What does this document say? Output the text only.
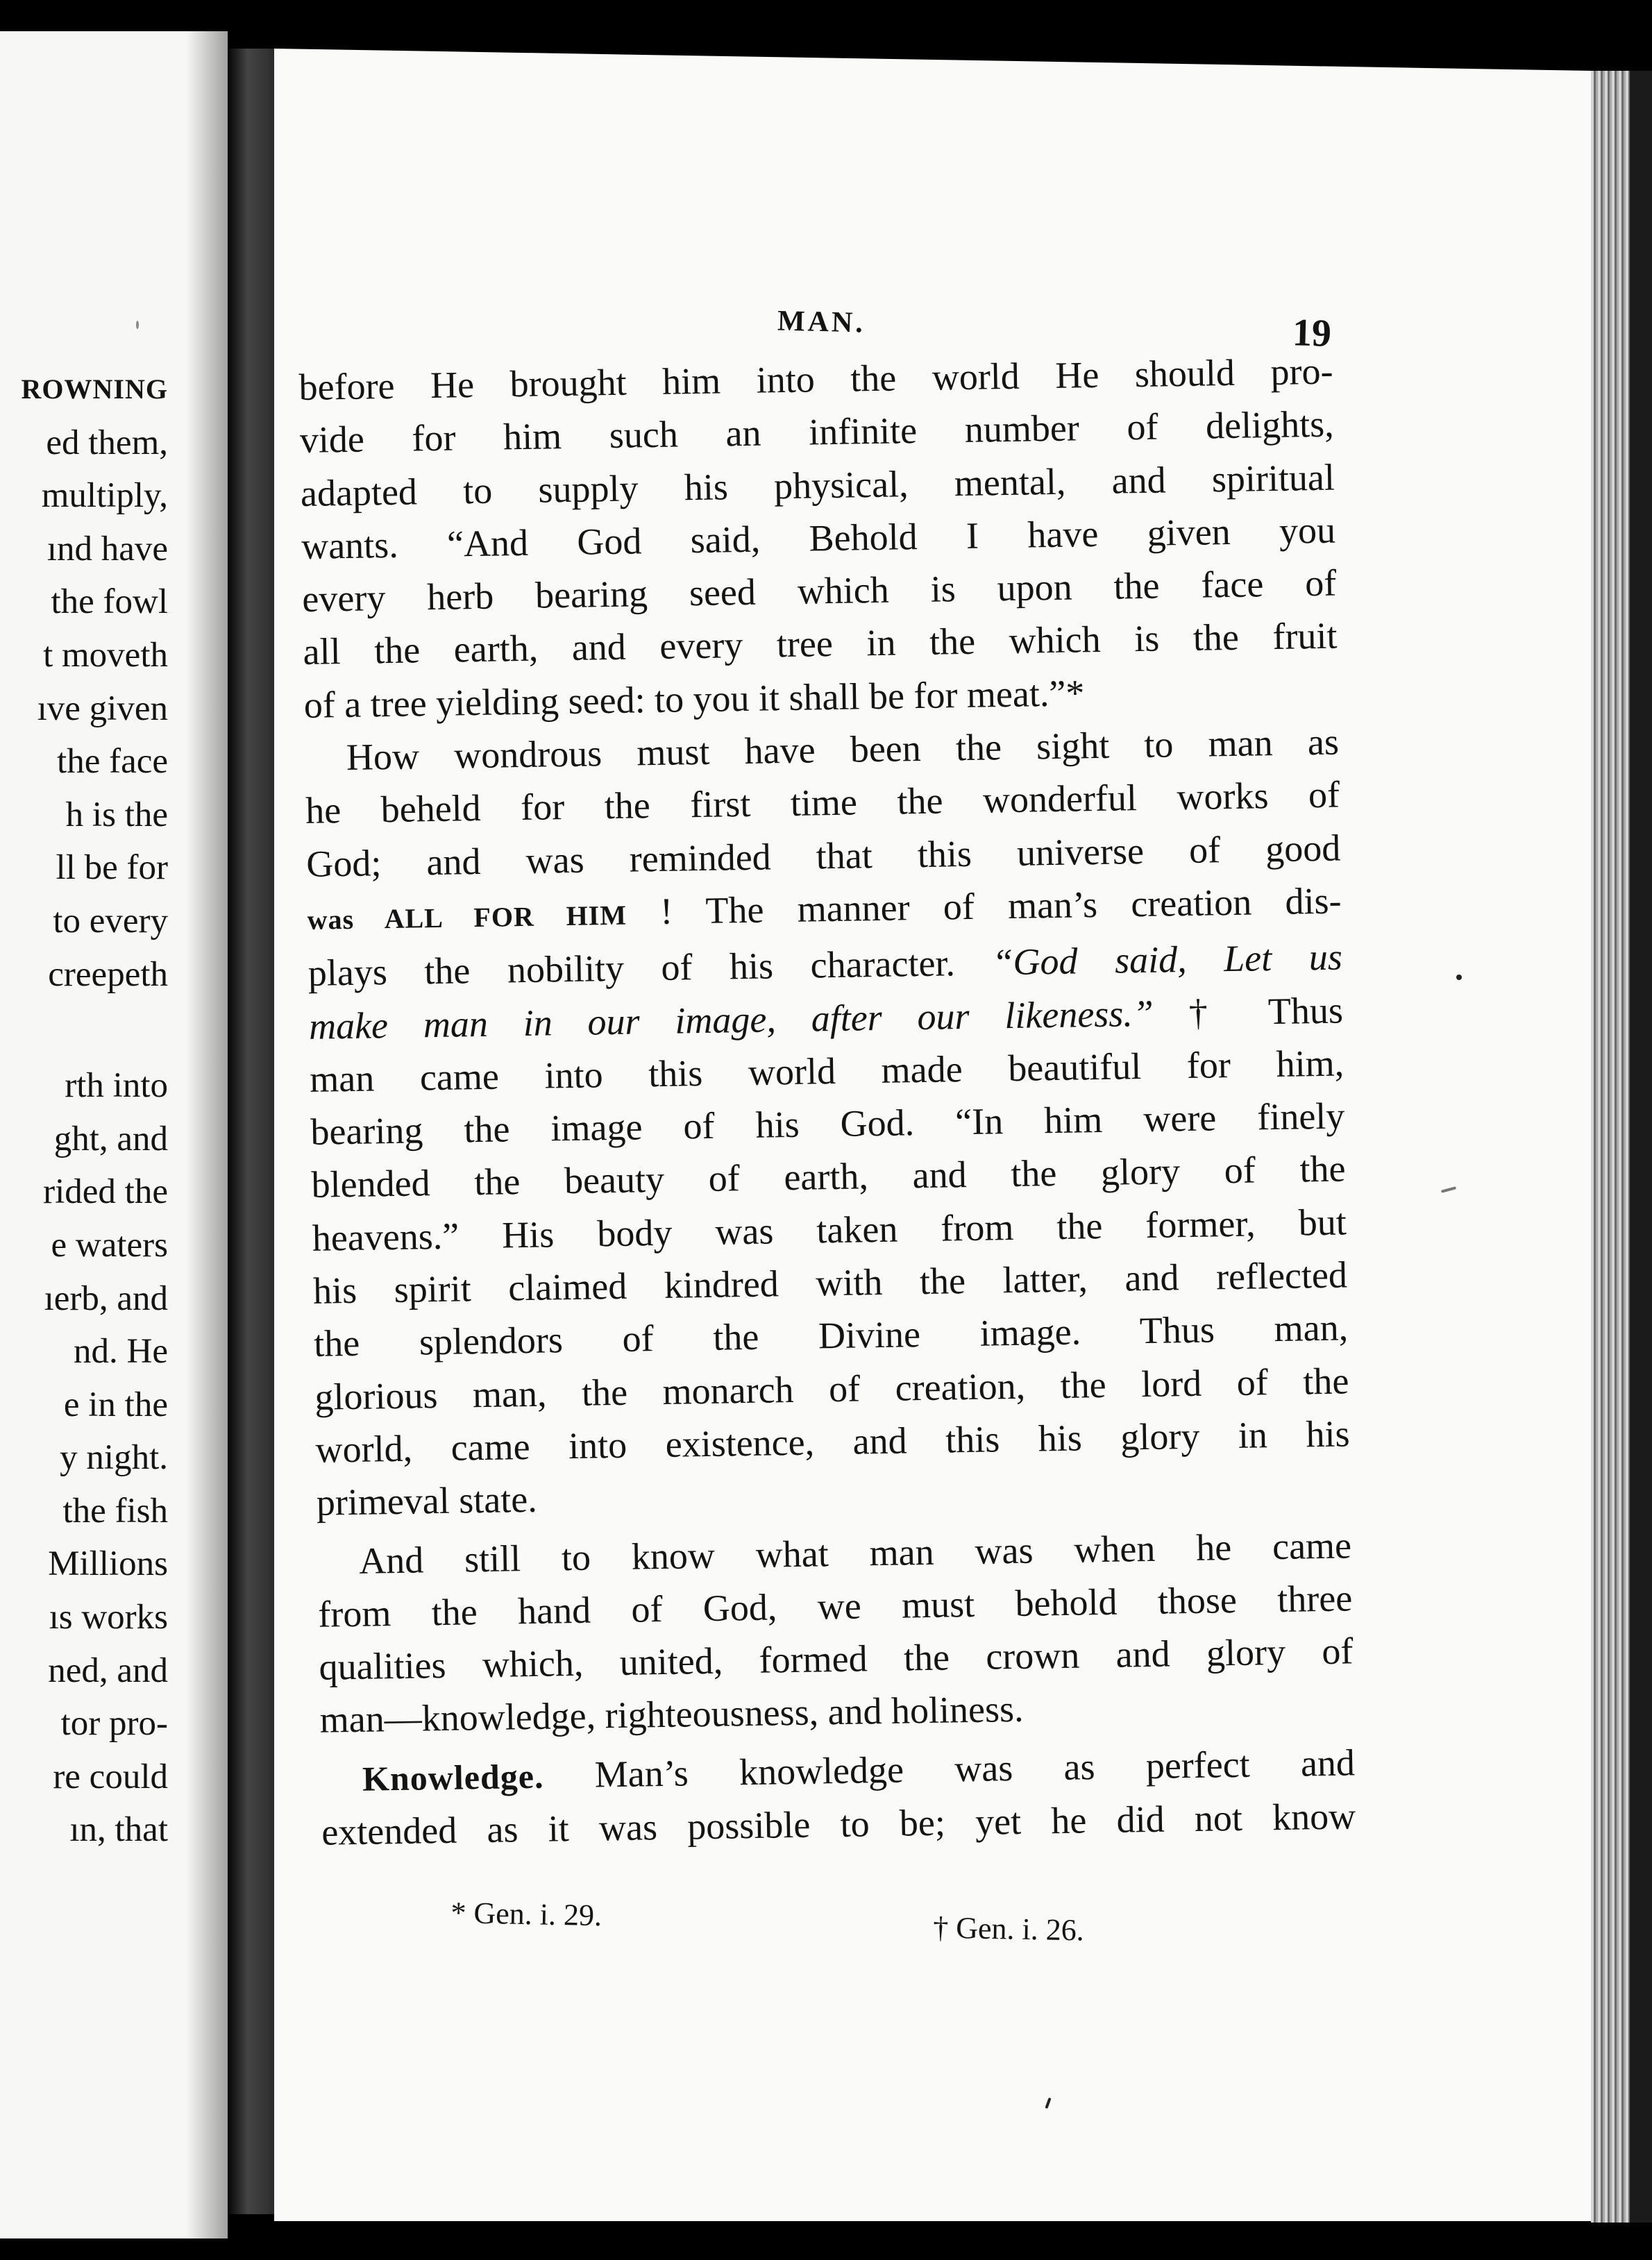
ROWNING
ed them,
multiply,
ınd have
the fowl
t moveth
ıve given
the face
h is the
ll be for
to every
creepeth
rth into
ght, and
rided the
e waters
ıerb, and
nd. He
e in the
y night.
the fish
Millions
ıs works
ned, and
tor pro-
re could
ın, that
MAN.	19

before He brought him into the world He should pro-
vide for him such an infinite number of delights,
adapted to supply his physical, mental, and spiritual
wants. “And God said, Behold I have given you
every herb bearing seed which is upon the face of
all the earth, and every tree in the which is the fruit
of a tree yielding seed: to you it shall be for meat.”*

How wondrous must have been the sight to man as
he beheld for the first time the wonderful works of
God; and was reminded that this universe of good
was ALL FOR HIM ! The manner of man’s creation dis-
plays the nobility of his character. “God said, Let us
make man in our image, after our likeness.” † Thus
man came into this world made beautiful for him,
bearing the image of his God. “In him were finely
blended the beauty of earth, and the glory of the
heavens.” His body was taken from the former, but
his spirit claimed kindred with the latter, and reflected
the splendors of the Divine image. Thus man,
glorious man, the monarch of creation, the lord of the
world, came into existence, and this his glory in his
primeval state.

And still to know what man was when he came
from the hand of God, we must behold those three
qualities which, united, formed the crown and glory of
man—knowledge, righteousness, and holiness.

Knowledge. Man’s knowledge was as perfect and
extended as it was possible to be; yet he did not know

* Gen. i. 29.	† Gen. i. 26.
